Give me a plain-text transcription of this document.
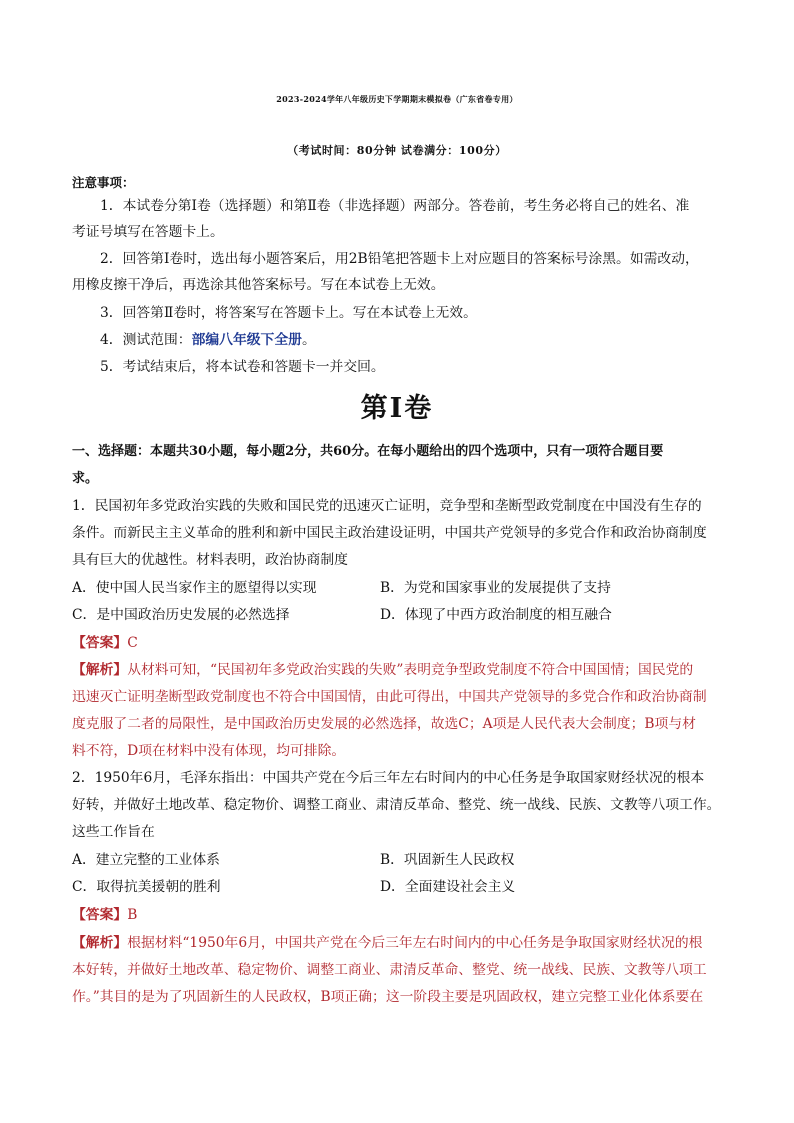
2023-2024学年八年级历史下学期期末模拟卷（广东省卷专用）
（考试时间：80分钟 试卷满分：100分）
注意事项：
1．本试卷分第Ⅰ卷（选择题）和第Ⅱ卷（非选择题）两部分。答卷前，考生务必将自己的姓名、准
考证号填写在答题卡上。
2．回答第Ⅰ卷时，选出每小题答案后，用2B铅笔把答题卡上对应题目的答案标号涂黑。如需改动，
用橡皮擦干净后，再选涂其他答案标号。写在本试卷上无效。
3．回答第Ⅱ卷时，将答案写在答题卡上。写在本试卷上无效。
4．测试范围：部编八年级下全册。
5．考试结束后，将本试卷和答题卡一并交回。
第Ⅰ卷
一、选择题：本题共30小题，每小题2分，共60分。在每小题给出的四个选项中，只有一项符合题目要
求。
1．民国初年多党政治实践的失败和国民党的迅速灭亡证明，竞争型和垄断型政党制度在中国没有生存的
条件。而新民主主义革命的胜利和新中国民主政治建设证明，中国共产党领导的多党合作和政治协商制度
具有巨大的优越性。材料表明，政治协商制度
A．使中国人民当家作主的愿望得以实现	B．为党和国家事业的发展提供了支持
C．是中国政治历史发展的必然选择	D．体现了中西方政治制度的相互融合
【答案】C
【解析】从材料可知，“民国初年多党政治实践的失败”表明竞争型政党制度不符合中国国情；国民党的
迅速灭亡证明垄断型政党制度也不符合中国国情，由此可得出，中国共产党领导的多党合作和政治协商制
度克服了二者的局限性，是中国政治历史发展的必然选择，故选C；A项是人民代表大会制度；B项与材
料不符，D项在材料中没有体现，均可排除。
2．1950年6月，毛泽东指出：中国共产党在今后三年左右时间内的中心任务是争取国家财经状况的根本
好转，并做好土地改革、稳定物价、调整工商业、肃清反革命、整党、统一战线、民族、文教等八项工作。
这些工作旨在
A．建立完整的工业体系	B．巩固新生人民政权
C．取得抗美援朝的胜利	D．全面建设社会主义
【答案】B
【解析】根据材料“1950年6月，中国共产党在今后三年左右时间内的中心任务是争取国家财经状况的根
本好转，并做好土地改革、稳定物价、调整工商业、肃清反革命、整党、统一战线、民族、文教等八项工
作。”其目的是为了巩固新生的人民政权，B项正确；这一阶段主要是巩固政权，建立完整工业化体系要在
